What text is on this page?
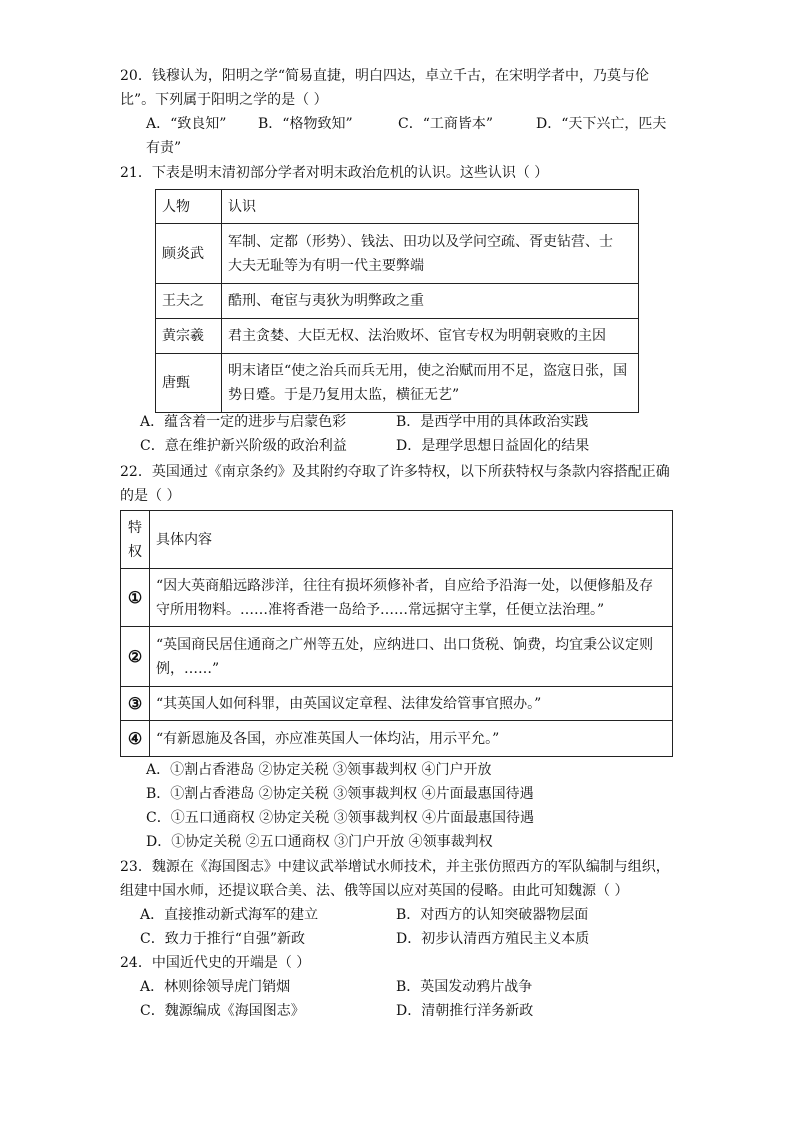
20．钱穆认为，阳明之学“简易直捷，明白四达，卓立千古，在宋明学者中，乃莫与伦
比”。下列属于阳明之学的是（ ）
A．“致良知” B．“格物致知”	C．“工商皆本”	D．“天下兴亡，匹夫
有责”
21．下表是明末清初部分学者对明末政治危机的认识。这些认识（ ）
人物	认识
顾炎武	军制、定都（形势）、钱法、田功以及学问空疏、胥吏钻营、士
大夫无耻等为有明一代主要弊端
王夫之	酷刑、奄宦与夷狄为明弊政之重
黄宗羲	君主贪婪、大臣无权、法治败坏、宦官专权为明朝衰败的主因
唐甄	明末诸臣“使之治兵而兵无用，使之治赋而用不足，盗寇日张，国
势日蹙。于是乃复用太监，横征无艺”
A．蕴含着一定的进步与启蒙色彩	B．是西学中用的具体政治实践
C．意在维护新兴阶级的政治利益	D．是理学思想日益固化的结果
22．英国通过《南京条约》及其附约夺取了许多特权，以下所获特权与条款内容搭配正确
的是（ ）
特
权	具体内容
①	“因大英商船远路涉洋，往往有损坏须修补者，自应给予沿海一处，以便修船及存
守所用物料。……准将香港一岛给予……常远据守主掌，任便立法治理。”
②	“英国商民居住通商之广州等五处，应纳进口、出口货税、饷费，均宜秉公议定则
例，……”
③	“其英国人如何科罪，由英国议定章程、法律发给管事官照办。”
④	“有新恩施及各国，亦应准英国人一体均沾，用示平允。”
A．①割占香港岛 ②协定关税 ③领事裁判权 ④门户开放
B．①割占香港岛 ②协定关税 ③领事裁判权 ④片面最惠国待遇
C．①五口通商权 ②协定关税 ③领事裁判权 ④片面最惠国待遇
D．①协定关税 ②五口通商权 ③门户开放 ④领事裁判权
23．魏源在《海国图志》中建议武举增试水师技术，并主张仿照西方的军队编制与组织，
组建中国水师，还提议联合美、法、俄等国以应对英国的侵略。由此可知魏源（ ）
A．直接推动新式海军的建立	B．对西方的认知突破器物层面
C．致力于推行“自强”新政	D．初步认清西方殖民主义本质
24．中国近代史的开端是（ ）
A．林则徐领导虎门销烟	B．英国发动鸦片战争
C．魏源编成《海国图志》	D．清朝推行洋务新政
